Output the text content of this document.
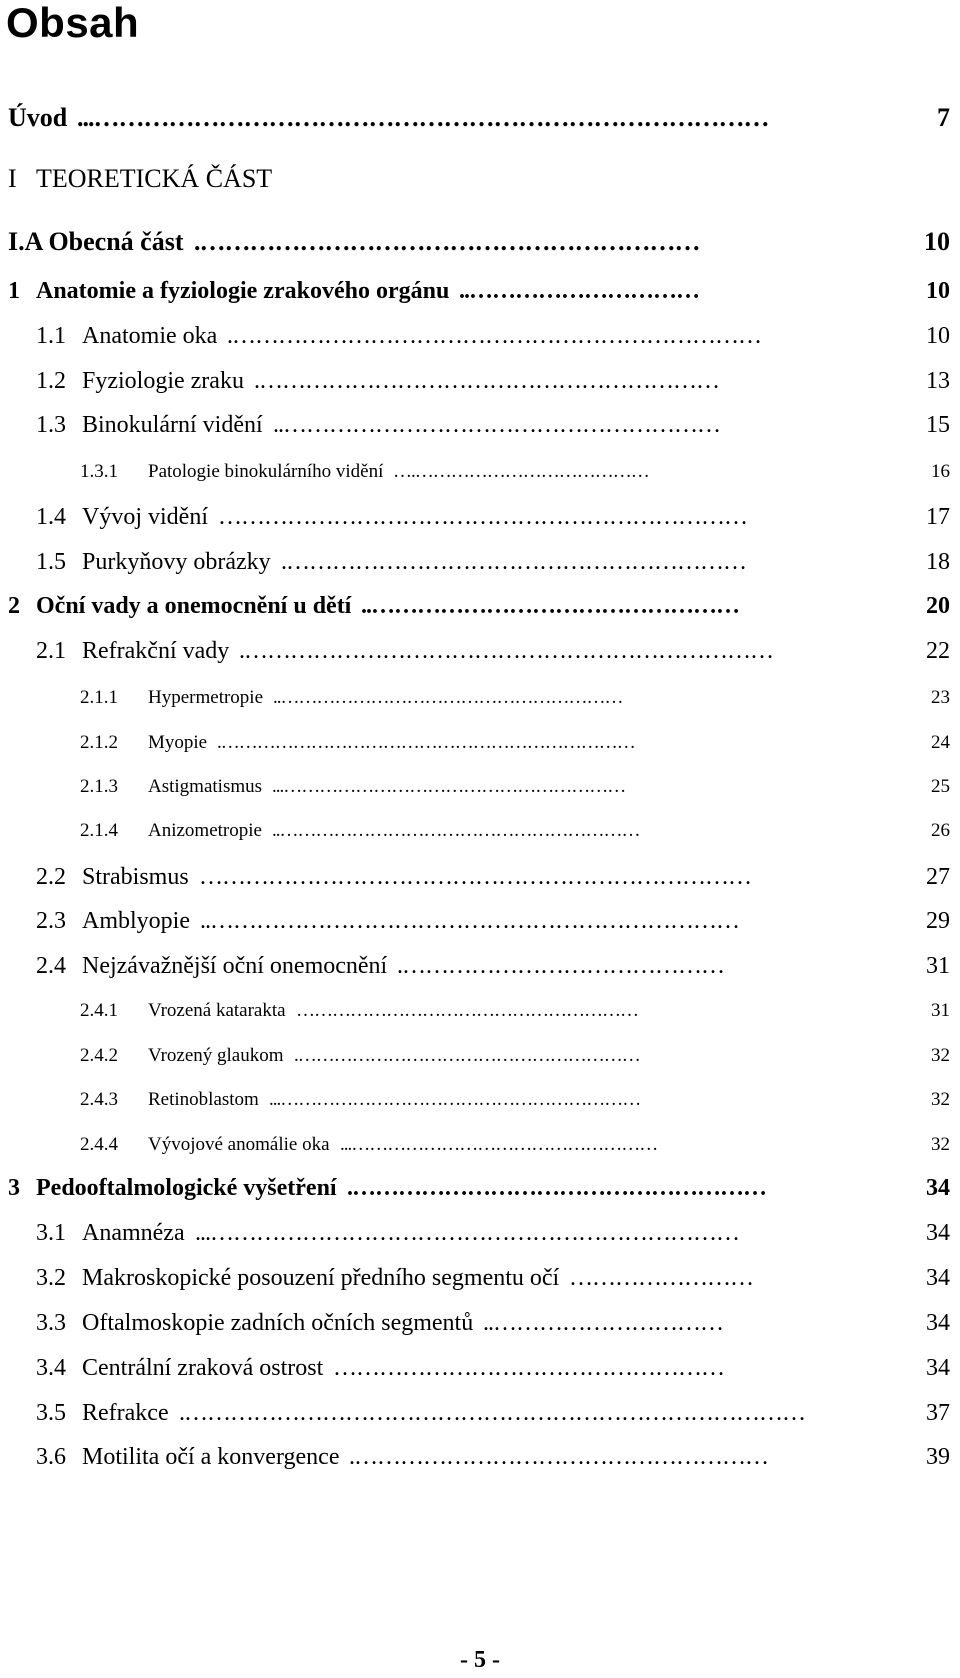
Obsah
Úvod	7
………………………………………………………………………...
I TEORETICKÁ ČÁST
I.A Obecná část	10
…………………………………………………….
1 Anatomie a fyziologie zrakového orgánu	10
…………………………..
1.1 Anatomie oka	10
…………………………………………………………….
1.2 Fyziologie zraku	13
…………………………………………………….
1.3 Binokulární vidění	15
…………………………………………………..
1.3.1 Patologie binokulárního vidění	16
………………………………….…
1.4 Vývoj vidění	17
……………………………………………………………
1.5 Purkyňovy obrázky	18
…………………………………………………….
2 Oční vady a onemocnění u dětí	20
…………………………………………..
2.1 Refrakční vady	22
…………………………………………………………….
2.1.1 Hypermetropie	23
…………………………………………………..
2.1.2 Myopie	24
…………………………………………………………….
2.1.3 Astigmatismus	25
…………………………………………………...
2.1.4 Anizometropie	26
……………………………………………………..
2.2 Strabismus	27
………………………………………………………………
2.3 Amblyopie	29
……………………………………………………………..
2.4 Nejzávažnější oční onemocnění	31
…………………………………….
2.4.1 Vrozená katarakta	31
…………………………………………………
2.4.2 Vrozený glaukom	32
………………………………………………….
2.4.3 Retinoblastom	32
……………………………………………………...
2.4.4 Vývojové anomálie oka	32
……………………………………………...
3 Pedooftalmologické vyšetření	34
……………………………………………….
3.1 Anamnéza	34
……………………………………………………………...
3.2 Makroskopické posouzení předního segmentu očí	34
……………………
3.3 Oftalmoskopie zadních očních segmentů	34
…………………………..
3.4 Centrální zraková ostrost	34
……………………………………………
3.5 Refrakce	37
……………………………………………………………………….
3.6 Motilita očí a konvergence	39
……………………………………………….
- 5 -
